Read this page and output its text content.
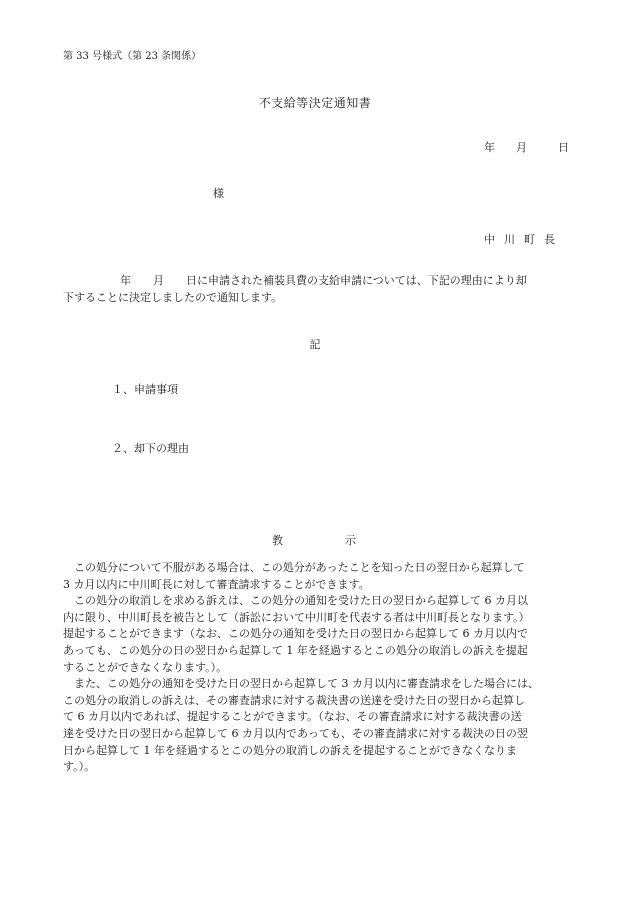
第 33 号様式（第 23 条関係）
不支給等決定通知書
年 月	日
様
中川町長
年 月 日に申請された補装具費の支給申請については、下記の理由により却
下することに決定しましたので通知します。
記
１、申請事項
２、却下の理由
教	示
　この処分について不服がある場合は、この処分があったことを知った日の翌日から起算して
3 カ月以内に中川町長に対して審査請求することができます。
　この処分の取消しを求める訴えは、この処分の通知を受けた日の翌日から起算して 6 カ月以
内に限り、中川町長を被告として（訴訟において中川町を代表する者は中川町長となります。）
提起することができます（なお、この処分の通知を受けた日の翌日から起算して 6 カ月以内で
あっても、この処分の日の翌日から起算して 1 年を経過するとこの処分の取消しの訴えを提起
することができなくなります。）。
　また、この処分の通知を受けた日の翌日から起算して 3 カ月以内に審査請求をした場合には、
この処分の取消しの訴えは、その審査請求に対する裁決書の送達を受けた日の翌日から起算し
て 6 カ月以内であれば、提起することができます。（なお、その審査請求に対する裁決書の送
達を受けた日の翌日から起算して 6 カ月以内であっても、その審査請求に対する裁決の日の翌
日から起算して 1 年を経過するとこの処分の取消しの訴えを提起することができなくなりま
す。）。
